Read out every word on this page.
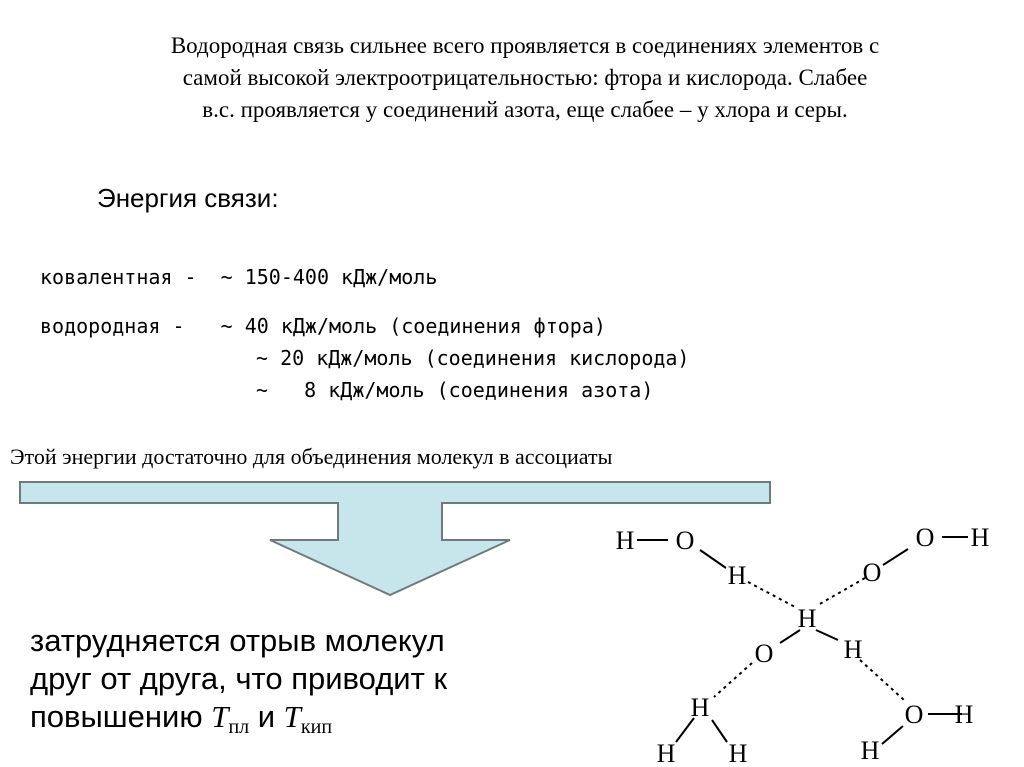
Водородная связь сильнее всего проявляется в соединениях элементов с
самой высокой электроотрицательностью: фтора и кислорода. Слабее
в.с. проявляется у соединений азота, еще слабее – у хлора и серы.
Энергия связи:
ковалентная -  ~ 150-400 кДж/моль
водородная -   ~ 40 кДж/моль (соединения фтора)
~ 20 кДж/моль (соединения кислорода)
~   8 кДж/моль (соединения азота)
Этой энергии достаточно для объединения молекул в ассоциаты
затрудняется отрыв молекул
друг от друга, что приводит к
повышению $T_{пл}$ и $T_{кип}$
H O
H
O H
O
H
O	H
H
H H
O H
H
